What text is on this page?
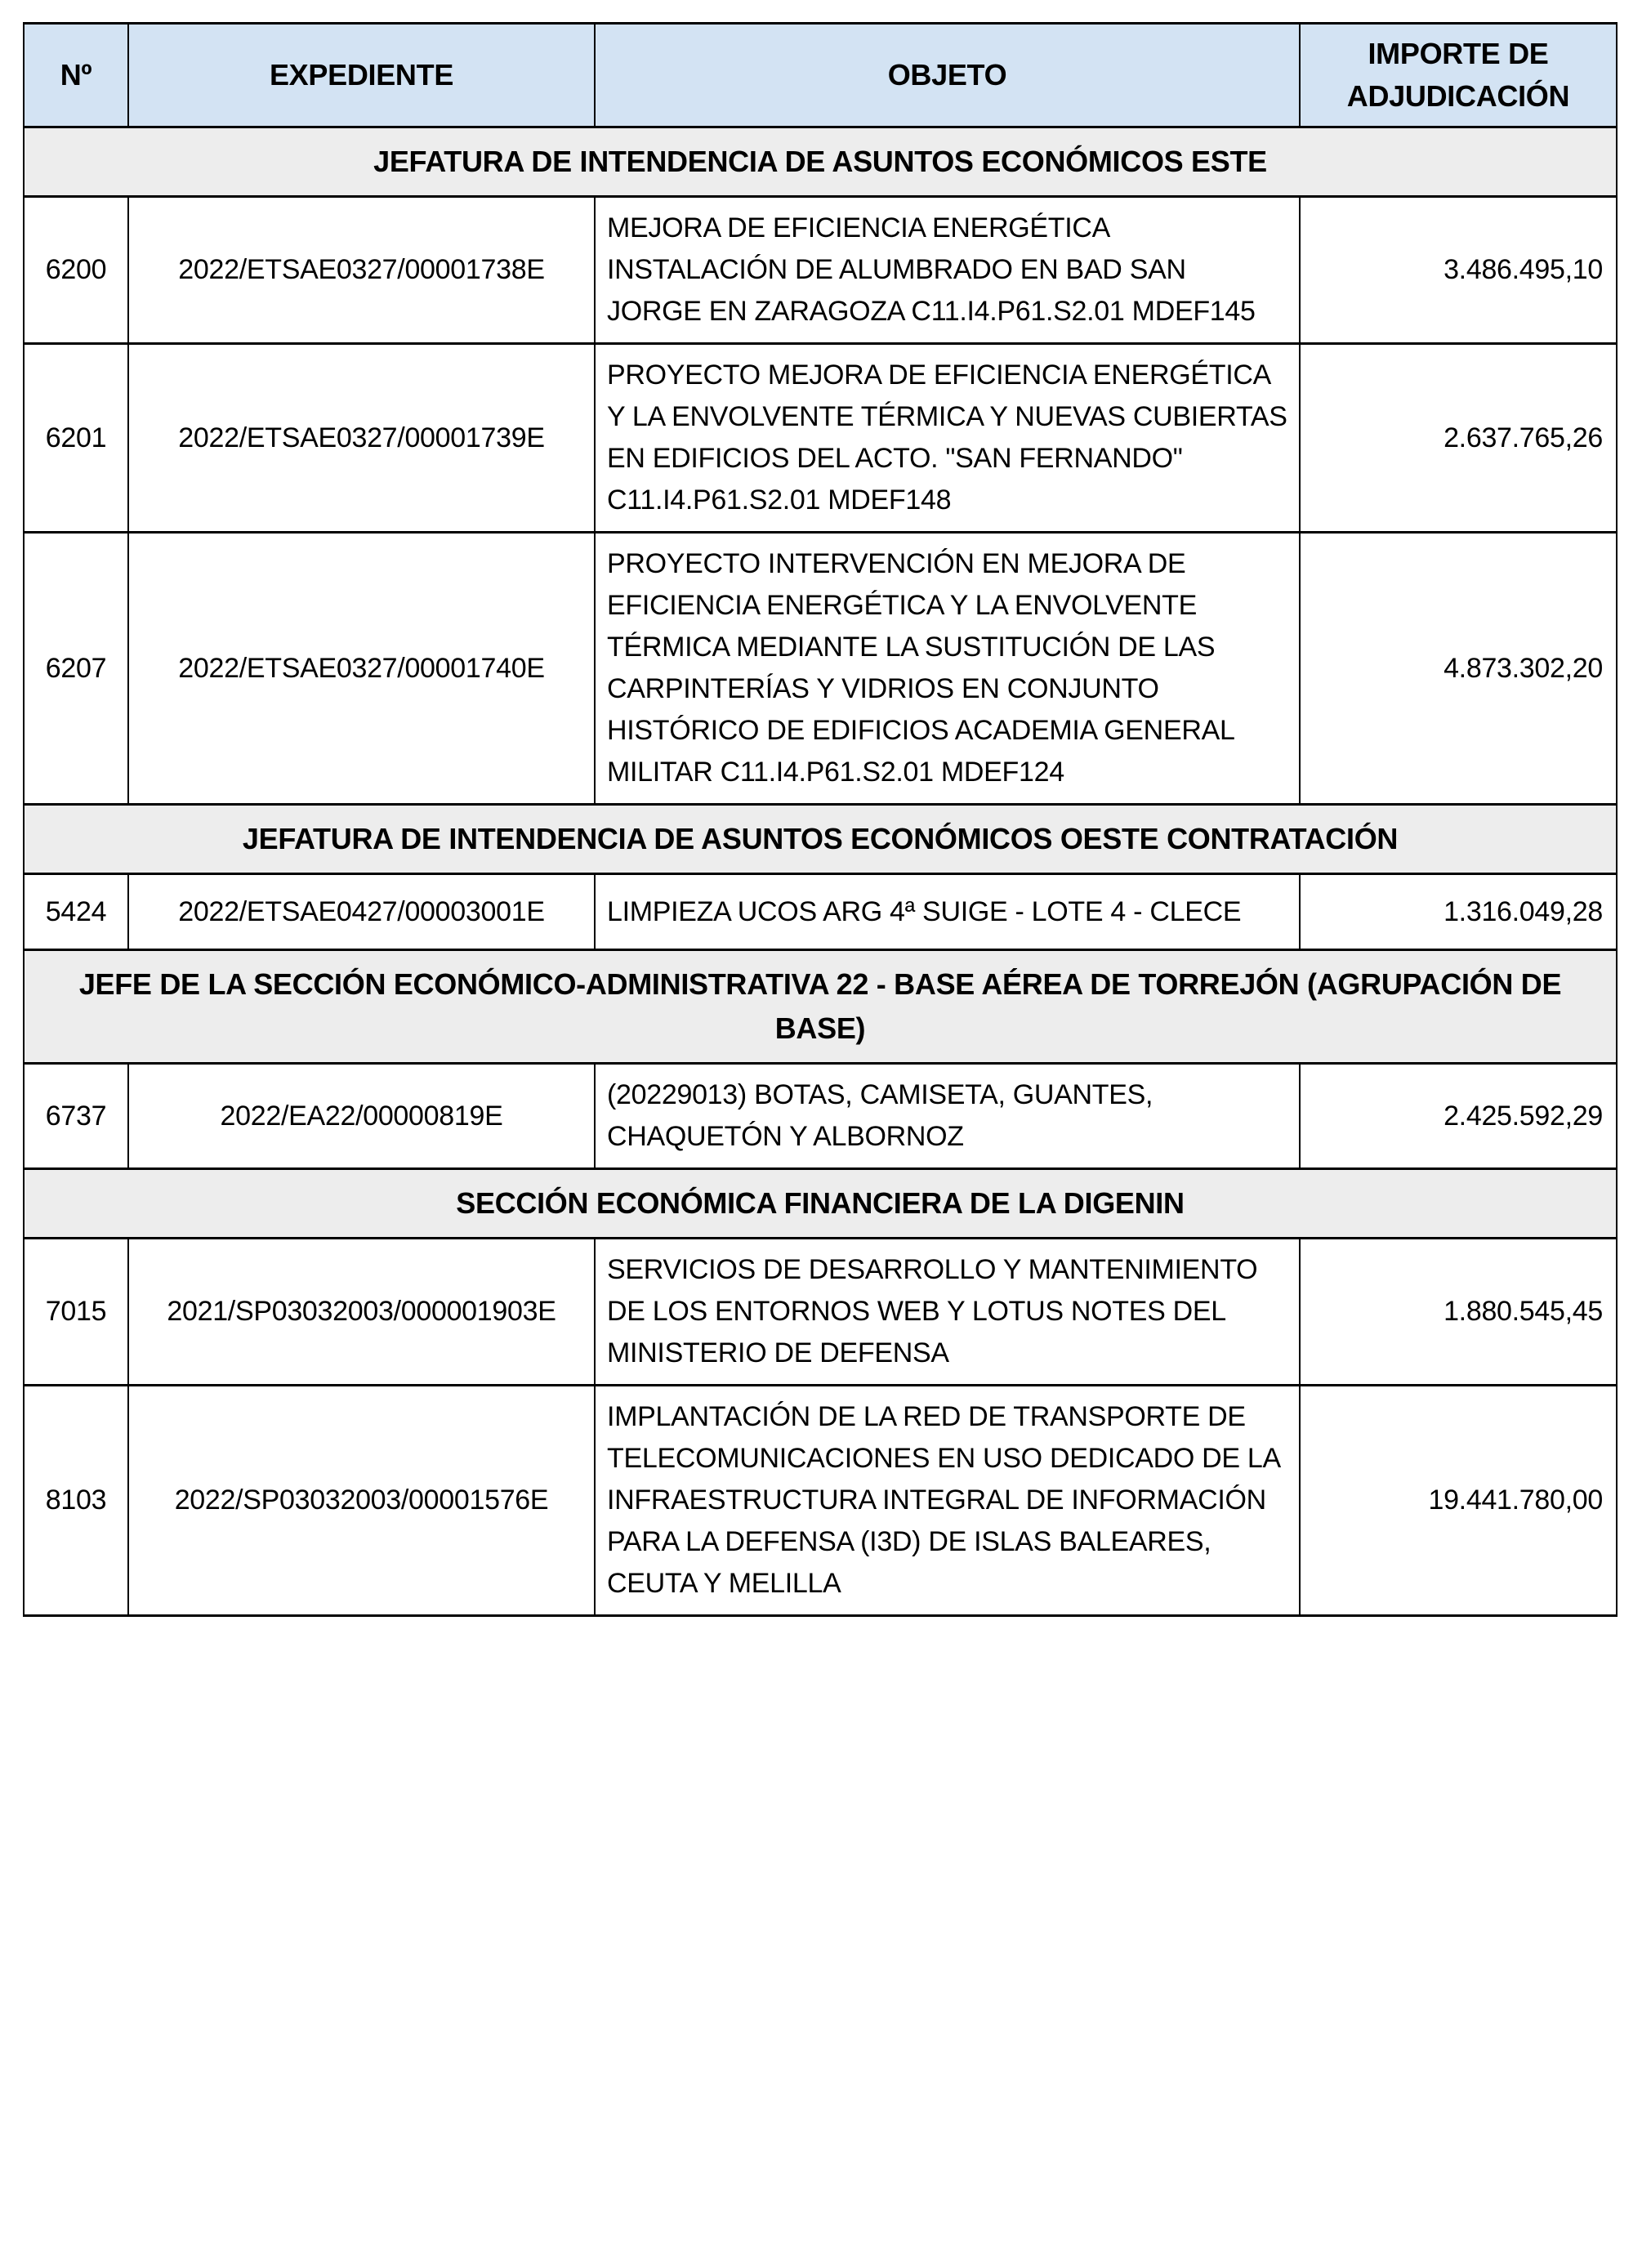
Nº	EXPEDIENTE	OBJETO	IMPORTE DE ADJUDICACIÓN
JEFATURA DE INTENDENCIA DE ASUNTOS ECONÓMICOS ESTE			
6200	2022/ETSAE0327/00001738E	MEJORA DE EFICIENCIA ENERGÉTICA INSTALACIÓN DE ALUMBRADO EN BAD SAN JORGE EN ZARAGOZA C11.I4.P61.S2.01 MDEF145	3.486.495,10
6201	2022/ETSAE0327/00001739E	PROYECTO MEJORA DE EFICIENCIA ENERGÉTICA Y LA ENVOLVENTE TÉRMICA Y NUEVAS CUBIERTAS EN EDIFICIOS DEL ACTO. "SAN FERNANDO" C11.I4.P61.S2.01 MDEF148	2.637.765,26
6207	2022/ETSAE0327/00001740E	PROYECTO INTERVENCIÓN EN MEJORA DE EFICIENCIA ENERGÉTICA Y LA ENVOLVENTE TÉRMICA MEDIANTE LA SUSTITUCIÓN DE LAS CARPINTERÍAS Y VIDRIOS EN CONJUNTO HISTÓRICO DE EDIFICIOS ACADEMIA GENERAL MILITAR C11.I4.P61.S2.01 MDEF124	4.873.302,20
JEFATURA DE INTENDENCIA DE ASUNTOS ECONÓMICOS OESTE CONTRATACIÓN			
5424	2022/ETSAE0427/00003001E	LIMPIEZA UCOS ARG 4ª SUIGE - LOTE 4 - CLECE	1.316.049,28
JEFE DE LA SECCIÓN ECONÓMICO-ADMINISTRATIVA 22 - BASE AÉREA DE TORREJÓN (AGRUPACIÓN DE BASE)			
6737	2022/EA22/00000819E	(20229013) BOTAS, CAMISETA, GUANTES, CHAQUETÓN Y ALBORNOZ	2.425.592,29
SECCIÓN ECONÓMICA FINANCIERA DE LA DIGENIN			
7015	2021/SP03032003/000001903E	SERVICIOS DE DESARROLLO Y MANTENIMIENTO DE LOS ENTORNOS WEB Y LOTUS NOTES DEL MINISTERIO DE DEFENSA	1.880.545,45
8103	2022/SP03032003/00001576E	IMPLANTACIÓN DE LA RED DE TRANSPORTE DE TELECOMUNICACIONES EN USO DEDICADO DE LA INFRAESTRUCTURA INTEGRAL DE INFORMACIÓN PARA LA DEFENSA (I3D) DE ISLAS BALEARES, CEUTA Y MELILLA	19.441.780,00
